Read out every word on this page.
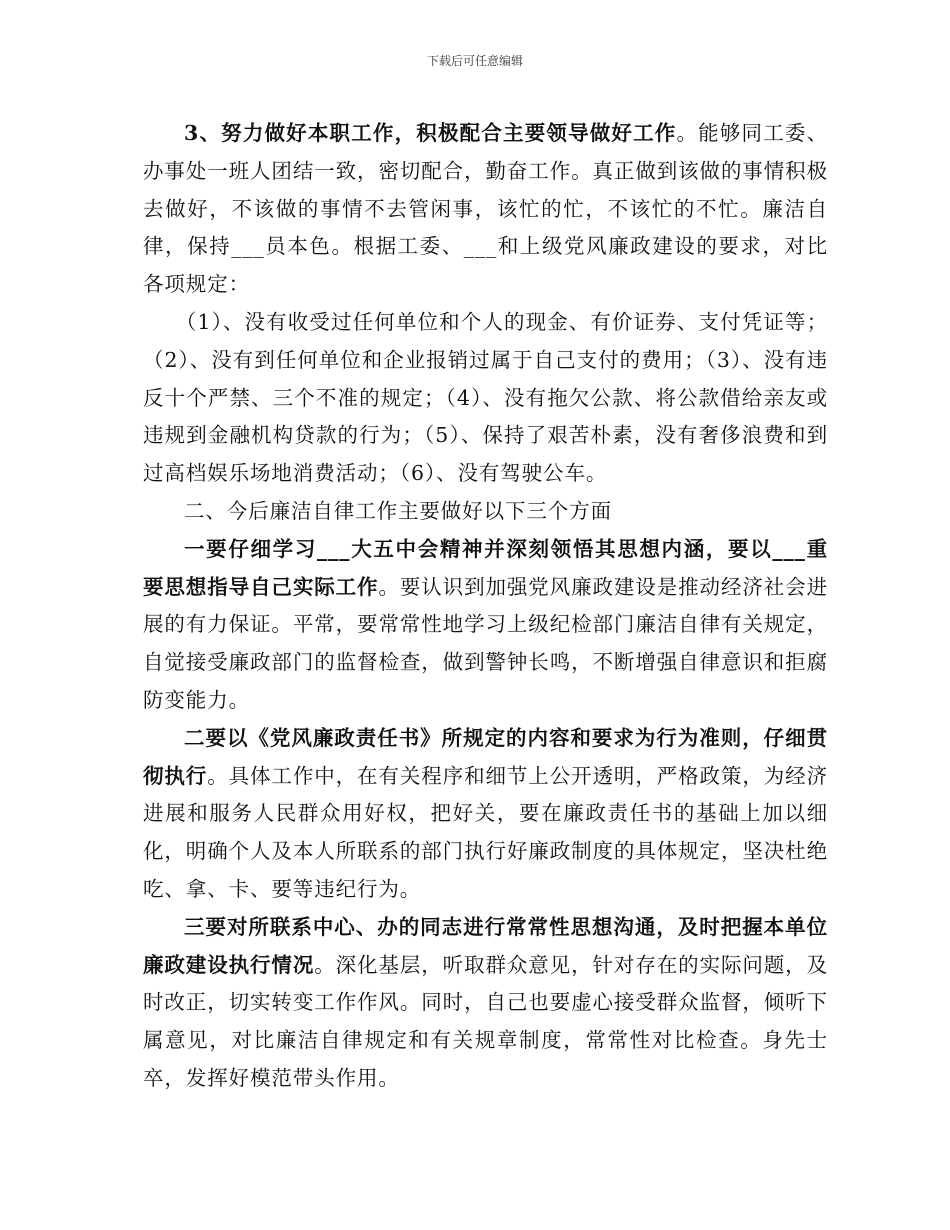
下载后可任意编辑

3、努力做好本职工作，积极配合主要领导做好工作。能够同工委、办事处一班人团结一致，密切配合，勤奋工作。真正做到该做的事情积极去做好，不该做的事情不去管闲事，该忙的忙，不该忙的不忙。廉洁自律，保持___员本色。根据工委、___和上级党风廉政建设的要求，对比各项规定：

（1）、没有收受过任何单位和个人的现金、有价证券、支付凭证等；（2）、没有到任何单位和企业报销过属于自己支付的费用；（3）、没有违反十个严禁、三个不准的规定；（4）、没有拖欠公款、将公款借给亲友或违规到金融机构贷款的行为；（5）、保持了艰苦朴素，没有奢侈浪费和到过高档娱乐场地消费活动；（6）、没有驾驶公车。

二、今后廉洁自律工作主要做好以下三个方面

一要仔细学习___大五中会精神并深刻领悟其思想内涵，要以___重要思想指导自己实际工作。要认识到加强党风廉政建设是推动经济社会进展的有力保证。平常，要常常性地学习上级纪检部门廉洁自律有关规定，自觉接受廉政部门的监督检查，做到警钟长鸣，不断增强自律意识和拒腐防变能力。

二要以《党风廉政责任书》所规定的内容和要求为行为准则，仔细贯彻执行。具体工作中，在有关程序和细节上公开透明，严格政策，为经济进展和服务人民群众用好权，把好关，要在廉政责任书的基础上加以细化，明确个人及本人所联系的部门执行好廉政制度的具体规定，坚决杜绝吃、拿、卡、要等违纪行为。

三要对所联系中心、办的同志进行常常性思想沟通，及时把握本单位廉政建设执行情况。深化基层，听取群众意见，针对存在的实际问题，及时改正，切实转变工作作风。同时，自己也要虚心接受群众监督，倾听下属意见，对比廉洁自律规定和有关规章制度，常常性对比检查。身先士卒，发挥好模范带头作用。
